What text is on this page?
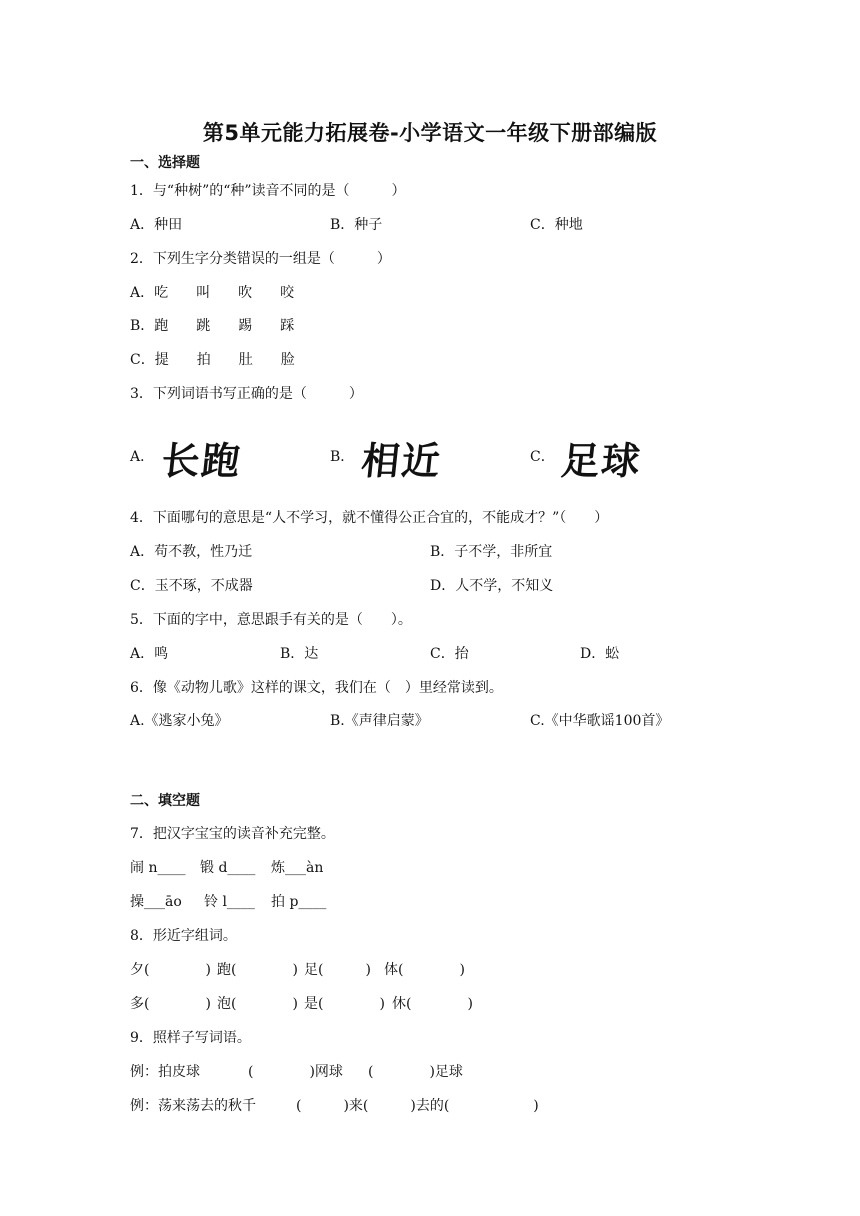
第5单元能力拓展卷-小学语文一年级下册部编版
一、选择题
1．与“种树”的“种”读音不同的是（　　　）
A．种田	B．种子	C．种地
2．下列生字分类错误的一组是（　　　）
A．吃　　叫　　吹　　咬
B．跑　　跳　　踢　　踩
C．提　　拍　　肚　　脸
3．下列词语书写正确的是（　　　）
A． 长跑	B． 相近	C． 足球
4．下面哪句的意思是“人不学习，就不懂得公正合宜的，不能成才？”（　　）
A．苟不教，性乃迁	B．子不学，非所宜
C．玉不琢，不成器	D．人不学，不知义
5．下面的字中，意思跟手有关的是（　　）。
A．鸣	B．达	C．抬	D．蚣
6．像《动物儿歌》这样的课文，我们在（　）里经常读到。
A.《逃家小兔》	B.《声律启蒙》	C.《中华歌谣100首》
二、填空题
7．把汉字宝宝的读音补充完整。
闹 n____ 锻 d____ 炼___àn
操___āo 铃 l____ 拍 p____
8．形近字组词。
夕(　　　　) 跑(　　　　) 足(　　　) 体(　　　　)
多(　　　　) 泡(　　　　) 是(　　　　) 休(　　　　)
9．照样子写词语。
例：拍皮球	(　　　　)网球 (　　　　)足球
例：荡来荡去的秋千	(　　　)来(　　　)去的(　　　　　　)
